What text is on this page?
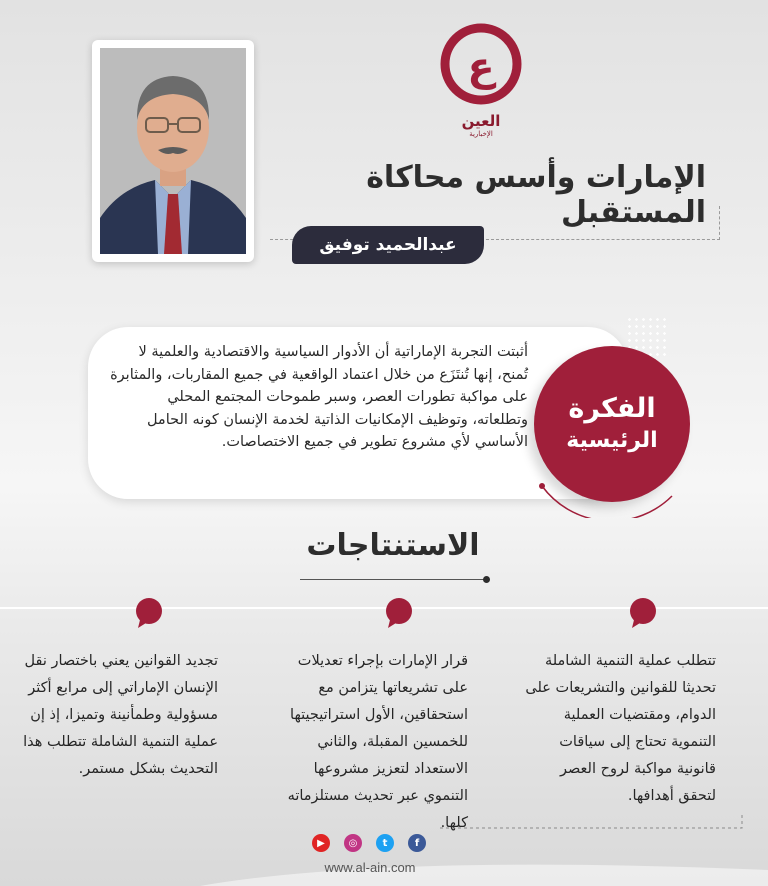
ع
العين
الإخبارية
الإمارات وأسس محاكاة المستقبل
عبدالحميد توفيق
أثبتت التجربة الإماراتية أن الأدوار السياسية والاقتصادية والعلمية لا تُمنح، إنها تُنتَزَع من خلال اعتماد الواقعية في جميع المقاربات، والمثابرة على مواكبة تطورات العصر، وسبر طموحات المجتمع المحلي وتطلعاته، وتوظيف الإمكانيات الذاتية لخدمة الإنسان كونه الحامل الأساسي لأي مشروع تطوير في جميع الاختصاصات.
الفكرة
الرئيسية
الاستنتاجات
تتطلب عملية التنمية الشاملة تحديثا للقوانين والتشريعات على الدوام، ومقتضيات العملية التنموية تحتاج إلى سياقات قانونية مواكبة لروح العصر لتحقق أهدافها.
قرار الإمارات بإجراء تعديلات على تشريعاتها يتزامن مع استحقاقين، الأول استراتيجيتها للخمسين المقبلة، والثاني الاستعداد لتعزيز مشروعها التنموي عبر تحديث مستلزماته كلها.
تجديد القوانين يعني باختصار نقل الإنسان الإماراتي إلى مرابع أكثر مسؤولية وطمأنينة وتميزا، إذ إن عملية التنمية الشاملة تتطلب هذا التحديث بشكل مستمر.
▶	◎	t	f
www.al-ain.com
